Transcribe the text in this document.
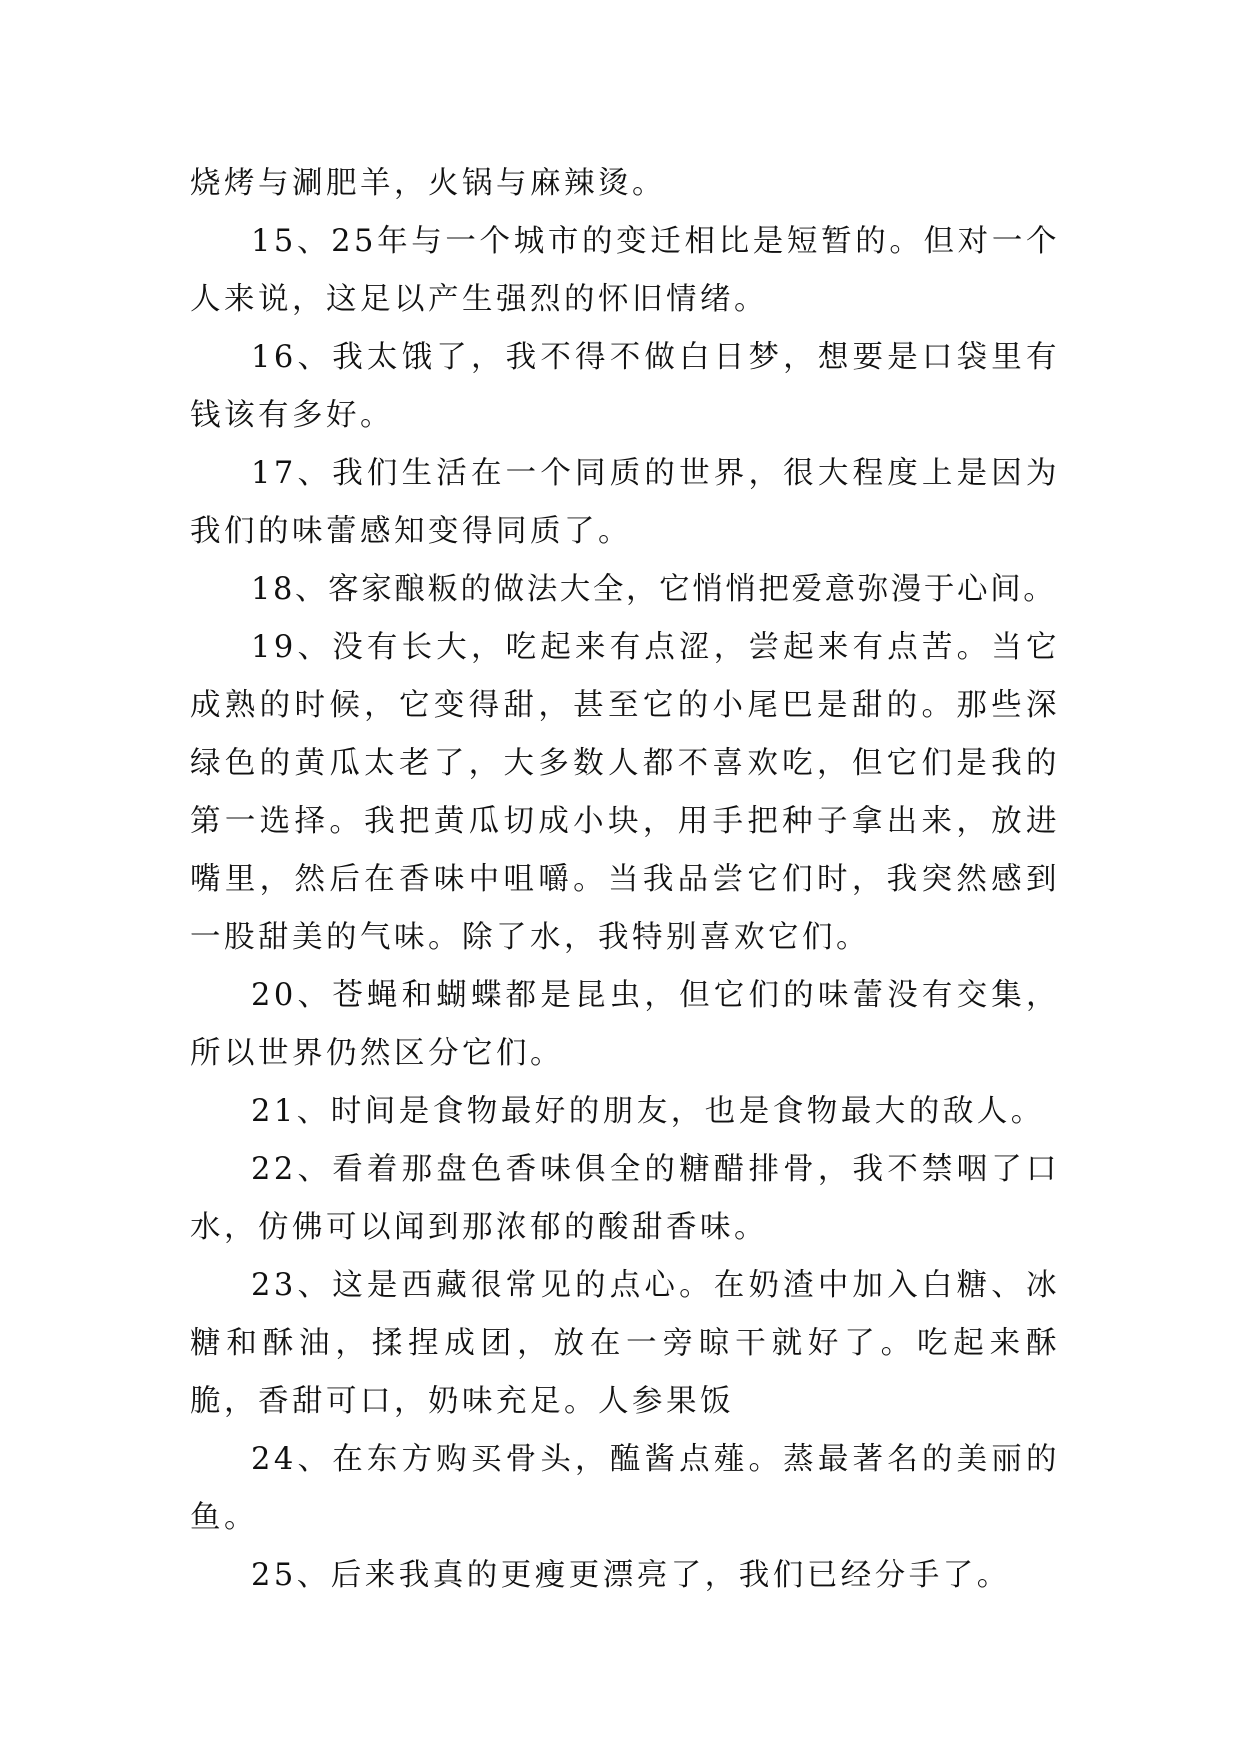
烧烤与涮肥羊，火锅与麻辣烫。

15、25年与一个城市的变迁相比是短暂的。但对一个人来说，这足以产生强烈的怀旧情绪。

16、我太饿了，我不得不做白日梦，想要是口袋里有钱该有多好。

17、我们生活在一个同质的世界，很大程度上是因为我们的味蕾感知变得同质了。

18、客家酿粄的做法大全，它悄悄把爱意弥漫于心间。

19、没有长大，吃起来有点涩，尝起来有点苦。当它成熟的时候，它变得甜，甚至它的小尾巴是甜的。那些深绿色的黄瓜太老了，大多数人都不喜欢吃，但它们是我的第一选择。我把黄瓜切成小块，用手把种子拿出来，放进嘴里，然后在香味中咀嚼。当我品尝它们时，我突然感到一股甜美的气味。除了水，我特别喜欢它们。

20、苍蝇和蝴蝶都是昆虫，但它们的味蕾没有交集，所以世界仍然区分它们。

21、时间是食物最好的朋友，也是食物最大的敌人。

22、看着那盘色香味俱全的糖醋排骨，我不禁咽了口水，仿佛可以闻到那浓郁的酸甜香味。

23、这是西藏很常见的点心。在奶渣中加入白糖、冰糖和酥油，揉捏成团，放在一旁晾干就好了。吃起来酥脆，香甜可口，奶味充足。人参果饭

24、在东方购买骨头，醢酱点薤。蒸最著名的美丽的鱼。

25、后来我真的更瘦更漂亮了，我们已经分手了。
